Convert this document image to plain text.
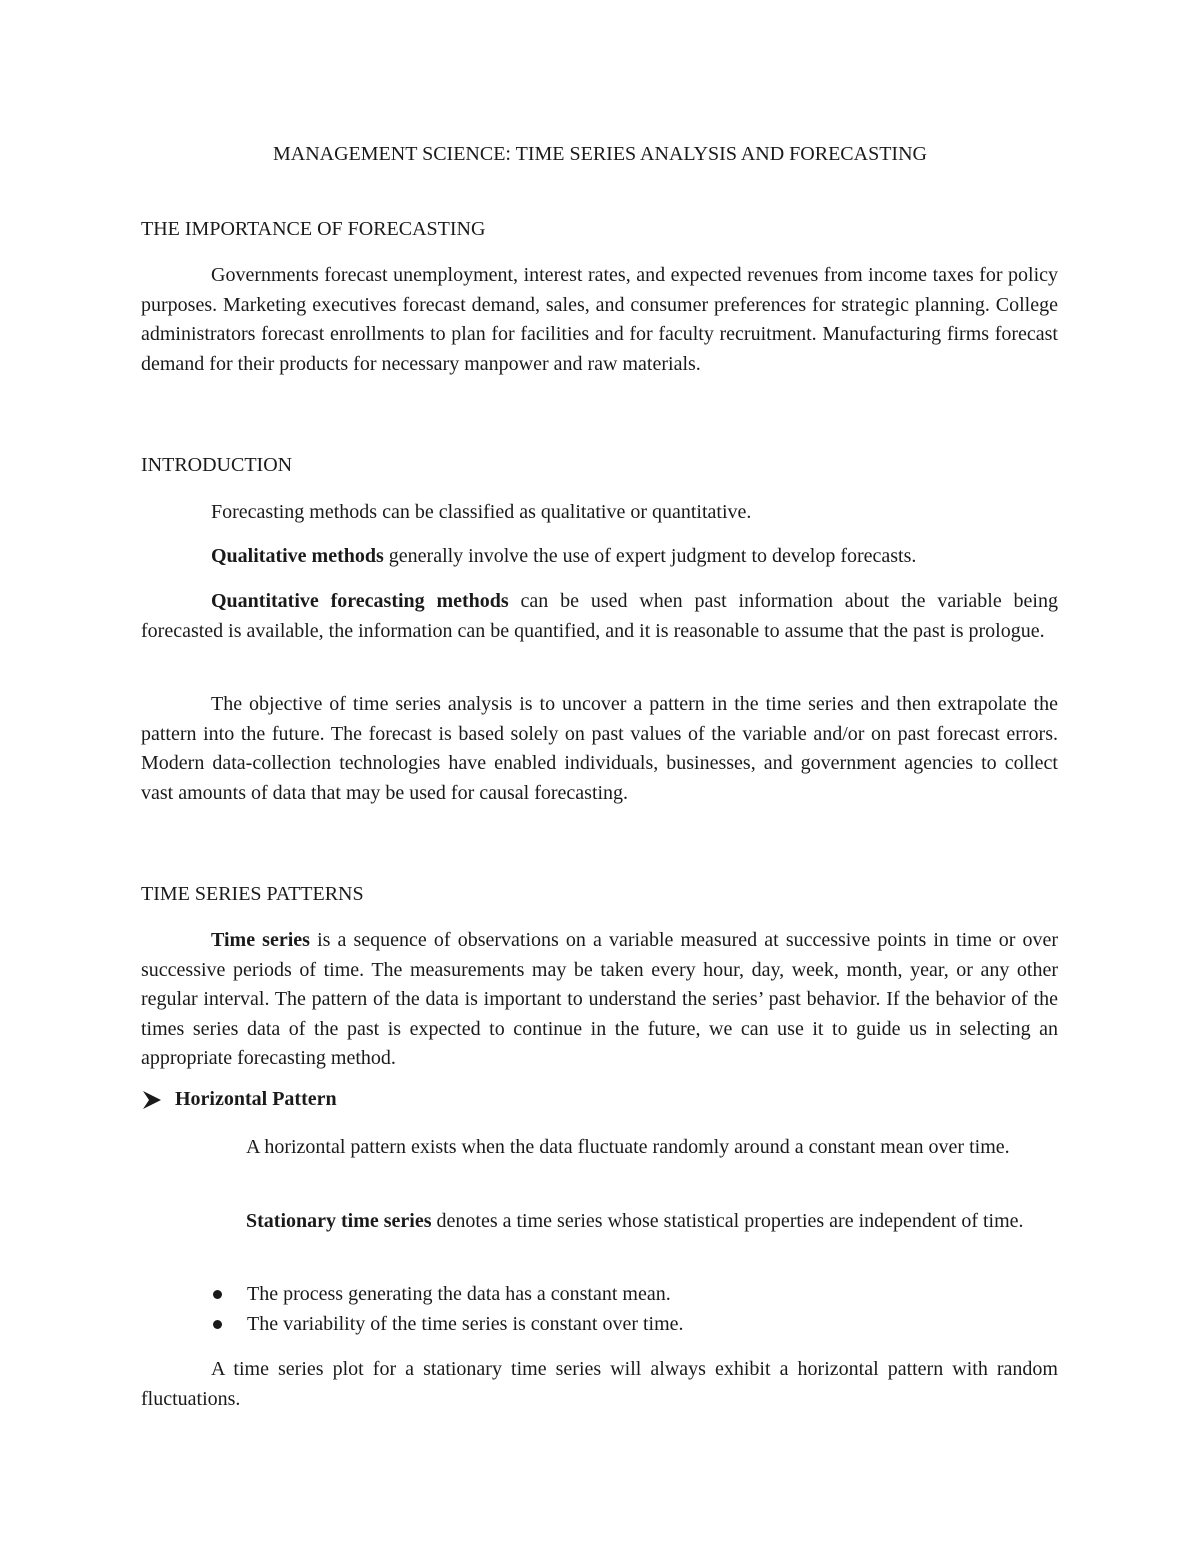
MANAGEMENT SCIENCE: TIME SERIES ANALYSIS AND FORECASTING
THE IMPORTANCE OF FORECASTING

Governments forecast unemployment, interest rates, and expected revenues from income taxes for policy purposes. Marketing executives forecast demand, sales, and consumer preferences for strategic planning. College administrators forecast enrollments to plan for facilities and for faculty recruitment. Manufacturing firms forecast demand for their products for necessary manpower and raw materials.

INTRODUCTION

Forecasting methods can be classified as qualitative or quantitative.

Qualitative methods generally involve the use of expert judgment to develop forecasts.

Quantitative forecasting methods can be used when past information about the variable being forecasted is available, the information can be quantified, and it is reasonable to assume that the past is prologue.

The objective of time series analysis is to uncover a pattern in the time series and then extrapolate the pattern into the future. The forecast is based solely on past values of the variable and/or on past forecast errors. Modern data-collection technologies have enabled individuals, businesses, and government agencies to collect vast amounts of data that may be used for causal forecasting.

TIME SERIES PATTERNS

Time series is a sequence of observations on a variable measured at successive points in time or over successive periods of time. The measurements may be taken every hour, day, week, month, year, or any other regular interval. The pattern of the data is important to understand the series’ past behavior. If the behavior of the times series data of the past is expected to continue in the future, we can use it to guide us in selecting an appropriate forecasting method.

Horizontal Pattern

A horizontal pattern exists when the data fluctuate randomly around a constant mean over time.

Stationary time series denotes a time series whose statistical properties are independent of time.

The process generating the data has a constant mean.
The variability of the time series is constant over time.

A time series plot for a stationary time series will always exhibit a horizontal pattern with random fluctuations.
